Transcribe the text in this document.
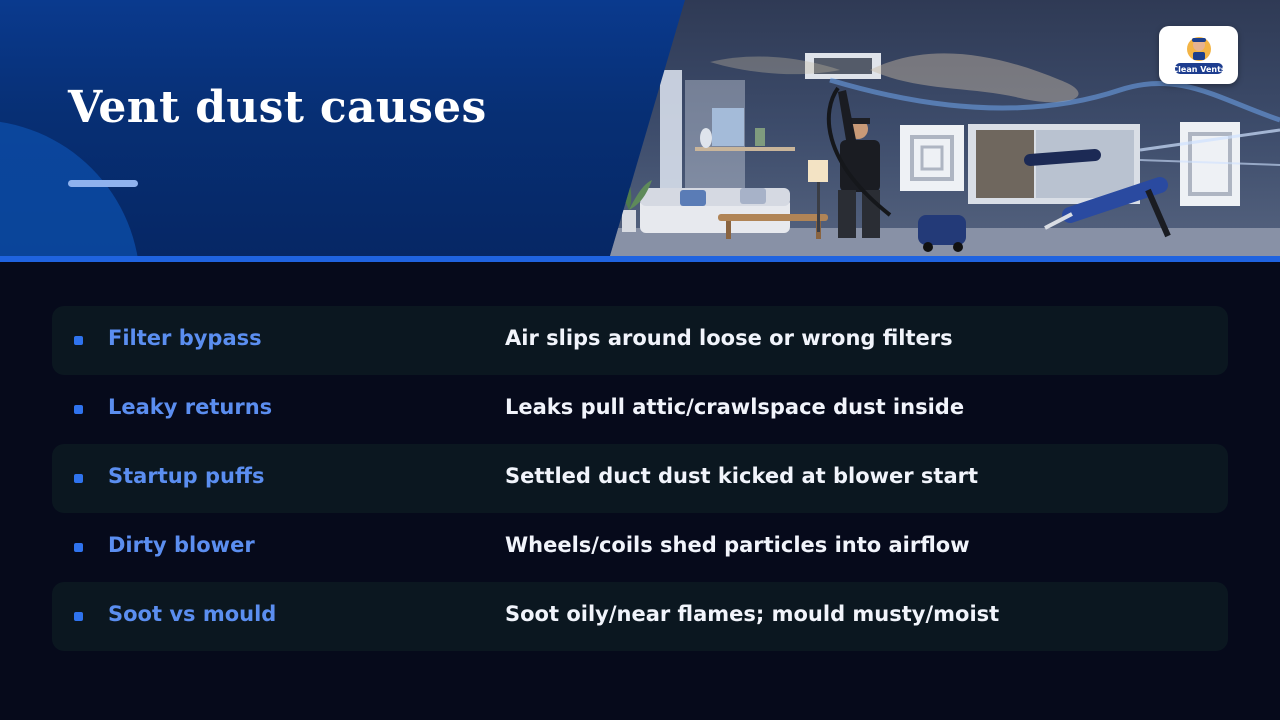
Vent dust causes
Clean Vents
Filter bypass	Air slips around loose or wrong filters
Leaky returns	Leaks pull attic/crawlspace dust inside
Startup puffs	Settled duct dust kicked at blower start
Dirty blower	Wheels/coils shed particles into airflow
Soot vs mould	Soot oily/near flames; mould musty/moist
